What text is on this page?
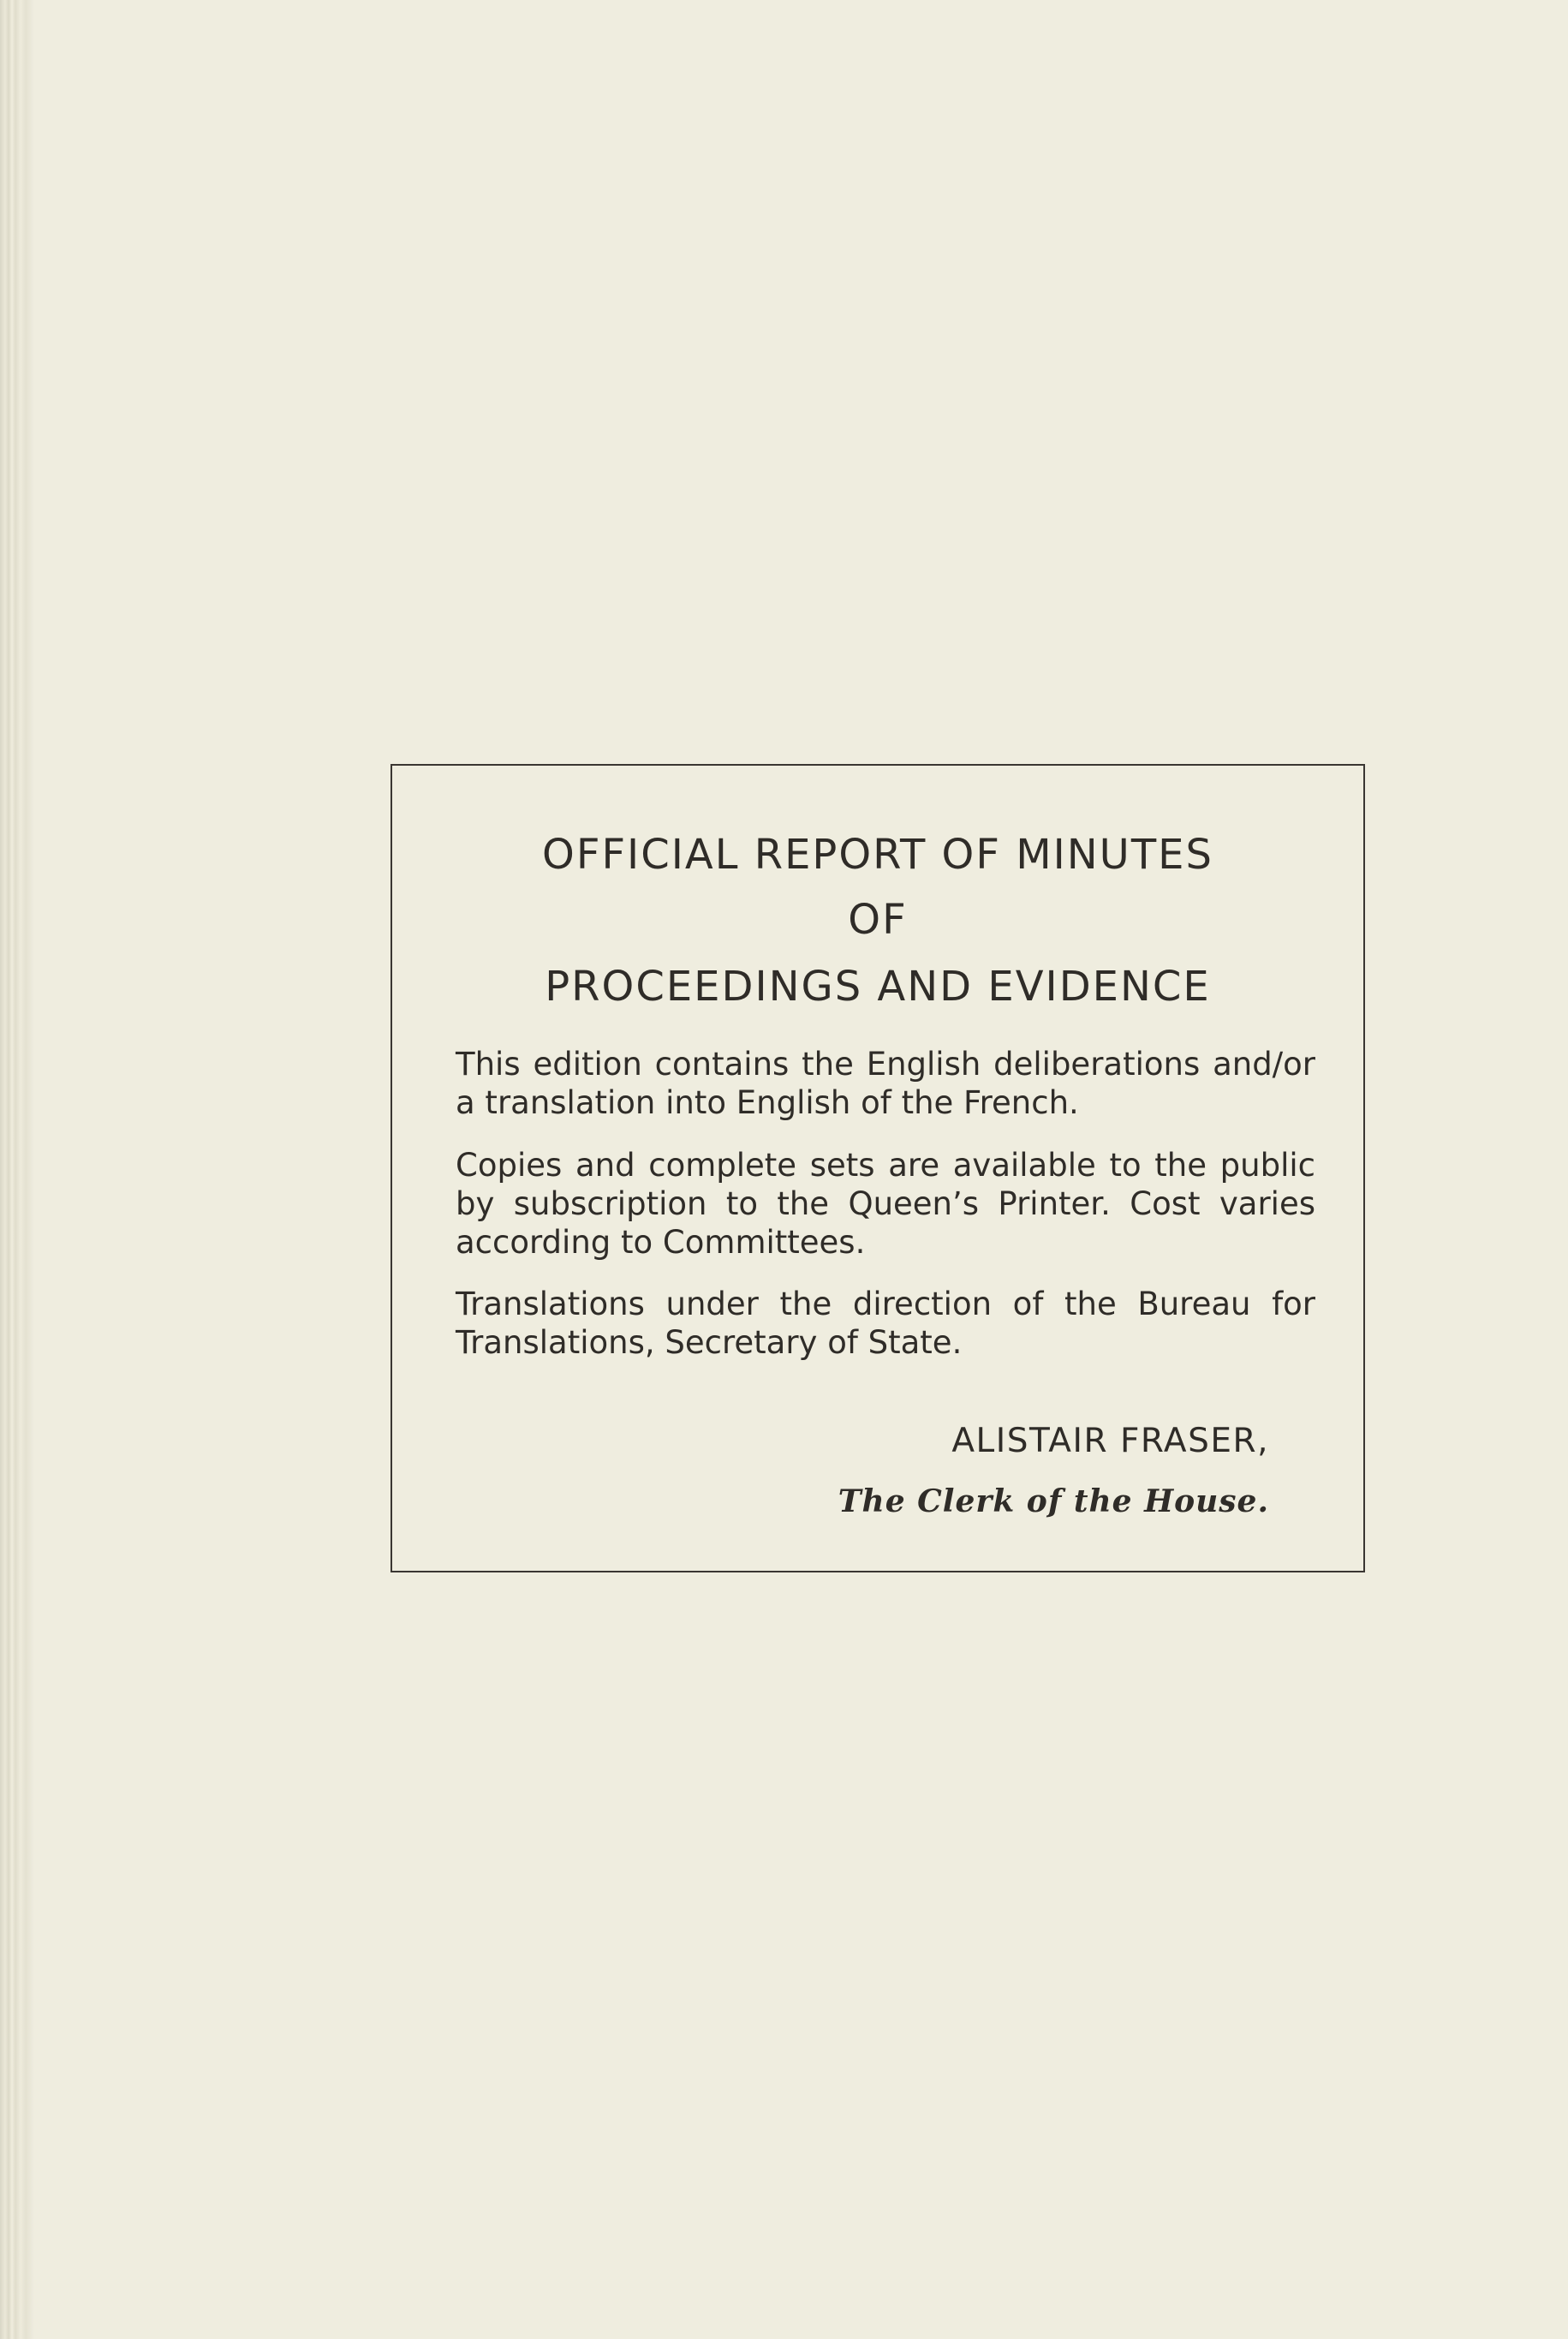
OFFICIAL REPORT OF MINUTES
OF
PROCEEDINGS AND EVIDENCE
This edition contains the English deliberations and/or a translation into English of the French.
Copies and complete sets are available to the public by subscription to the Queen’s Printer. Cost varies according to Committees.
Translations under the direction of the Bureau for Translations, Secretary of State.
ALISTAIR FRASER,
The Clerk of the House.
